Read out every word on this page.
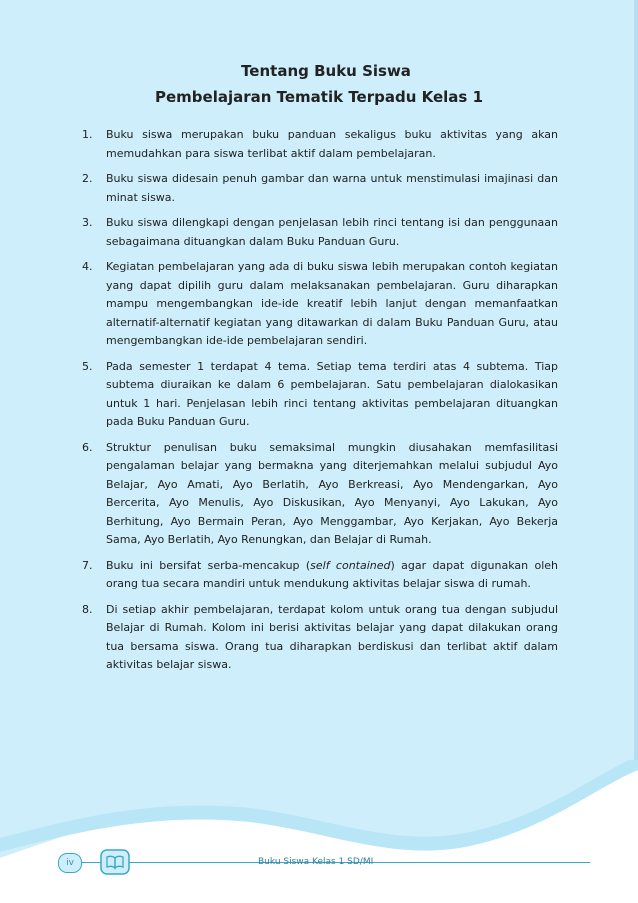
Tentang Buku Siswa
Pembelajaran Tematik Terpadu Kelas 1
1.	Buku siswa merupakan buku panduan sekaligus buku aktivitas yang akan memudahkan para siswa terlibat aktif dalam pembelajaran.
2.	Buku siswa didesain penuh gambar dan warna untuk menstimulasi imajinasi dan minat siswa.
3.	Buku siswa dilengkapi dengan penjelasan lebih rinci tentang isi dan penggunaan sebagaimana dituangkan dalam Buku Panduan Guru.
4.	Kegiatan pembelajaran yang ada di buku siswa lebih merupakan contoh kegiatan yang dapat dipilih guru dalam melaksanakan pembelajaran. Guru diharapkan mampu mengembangkan ide-ide kreatif lebih lanjut dengan memanfaatkan alternatif-alternatif kegiatan yang ditawarkan di dalam Buku Panduan Guru, atau mengembangkan ide-ide pembelajaran sendiri.
5.	Pada semester 1 terdapat 4 tema. Setiap tema terdiri atas 4 subtema. Tiap subtema diuraikan ke dalam 6 pembelajaran. Satu pembelajaran dialokasikan untuk 1 hari. Penjelasan lebih rinci tentang aktivitas pembelajaran dituangkan pada Buku Panduan Guru.
6.	Struktur penulisan buku semaksimal mungkin diusahakan memfasilitasi pengalaman belajar yang bermakna yang diterjemahkan melalui subjudul Ayo Belajar, Ayo Amati, Ayo Berlatih, Ayo Berkreasi, Ayo Mendengarkan, Ayo Bercerita, Ayo Menulis, Ayo Diskusikan, Ayo Menyanyi, Ayo Lakukan, Ayo Berhitung, Ayo Bermain Peran, Ayo Menggambar, Ayo Kerjakan, Ayo Bekerja Sama, Ayo Berlatih, Ayo Renungkan, dan Belajar di Rumah.
7.	Buku ini bersifat serba-mencakup (self contained) agar dapat digunakan oleh orang tua secara mandiri untuk mendukung aktivitas belajar siswa di rumah.
8.	Di setiap akhir pembelajaran, terdapat kolom untuk orang tua dengan subjudul Belajar di Rumah. Kolom ini berisi aktivitas belajar yang dapat dilakukan orang tua bersama siswa. Orang tua diharapkan berdiskusi dan terlibat aktif dalam aktivitas belajar siswa.
iv	Buku Siswa Kelas 1 SD/MI
